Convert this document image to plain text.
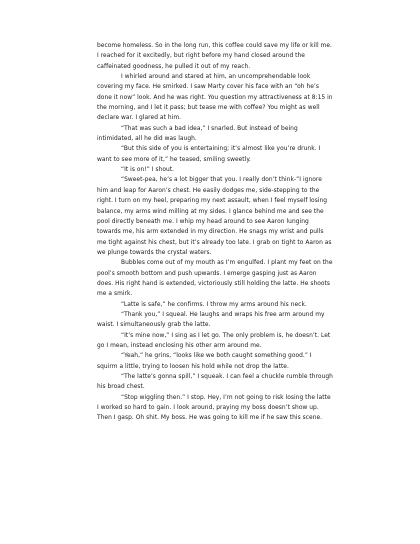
become homeless. So in the long run, this coffee could save my life or kill me. I reached for it excitedly, but right before my hand closed around the caffeinated goodness, he pulled it out of my reach.

I whirled around and stared at him, an uncomprehendable look covering my face. He smirked. I saw Marty cover his face with an “oh he’s done it now” look. And he was right. You question my attractiveness at 8:15 in the morning, and I let it pass; but tease me with coffee? You might as well declare war. I glared at him.

“That was such a bad idea,” I snarled. But instead of being intimidated, all he did was laugh.

“But this side of you is entertaining; it’s almost like you’re drunk. I want to see more of it,” he teased, smiling sweetly.

“It is on!” I shout.

“Sweet-pea, he’s a lot bigger that you. I really don’t think-”I ignore him and leap for Aaron’s chest. He easily dodges me, side-stepping to the right. I turn on my heel, preparing my next assault, when I feel myself losing balance, my arms wind milling at my sides. I glance behind me and see the pool directly beneath me. I whip my head around to see Aaron lunging towards me, his arm extended in my direction. He snags my wrist and pulls me tight against his chest, but it’s already too late. I grab on tight to Aaron as we plunge towards the crystal waters.

Bubbles come out of my mouth as I’m engulfed. I plant my feet on the pool’s smooth bottom and push upwards. I emerge gasping just as Aaron does. His right hand is extended, victoriously still holding the latte. He shoots me a smirk.

“Latte is safe,” he confirms. I throw my arms around his neck.

“Thank you,” I squeal. He laughs and wraps his free arm around my waist. I simultaneously grab the latte.

“It’s mine now,” I sing as I let go. The only problem is, he doesn’t. Let go I mean, instead enclosing his other arm around me.

“Yeah,” he grins, “looks like we both caught something good.” I squirm a little, trying to loosen his hold while not drop the latte.

“The latte’s gonna spill,” I squeak. I can feel a chuckle rumble through his broad chest.

“Stop wiggling then.” I stop. Hey, I’m not going to risk losing the latte I worked so hard to gain. I look around, praying my boss doesn’t show up. Then I gasp. Oh shit. My boss. He was going to kill me if he saw this scene.
